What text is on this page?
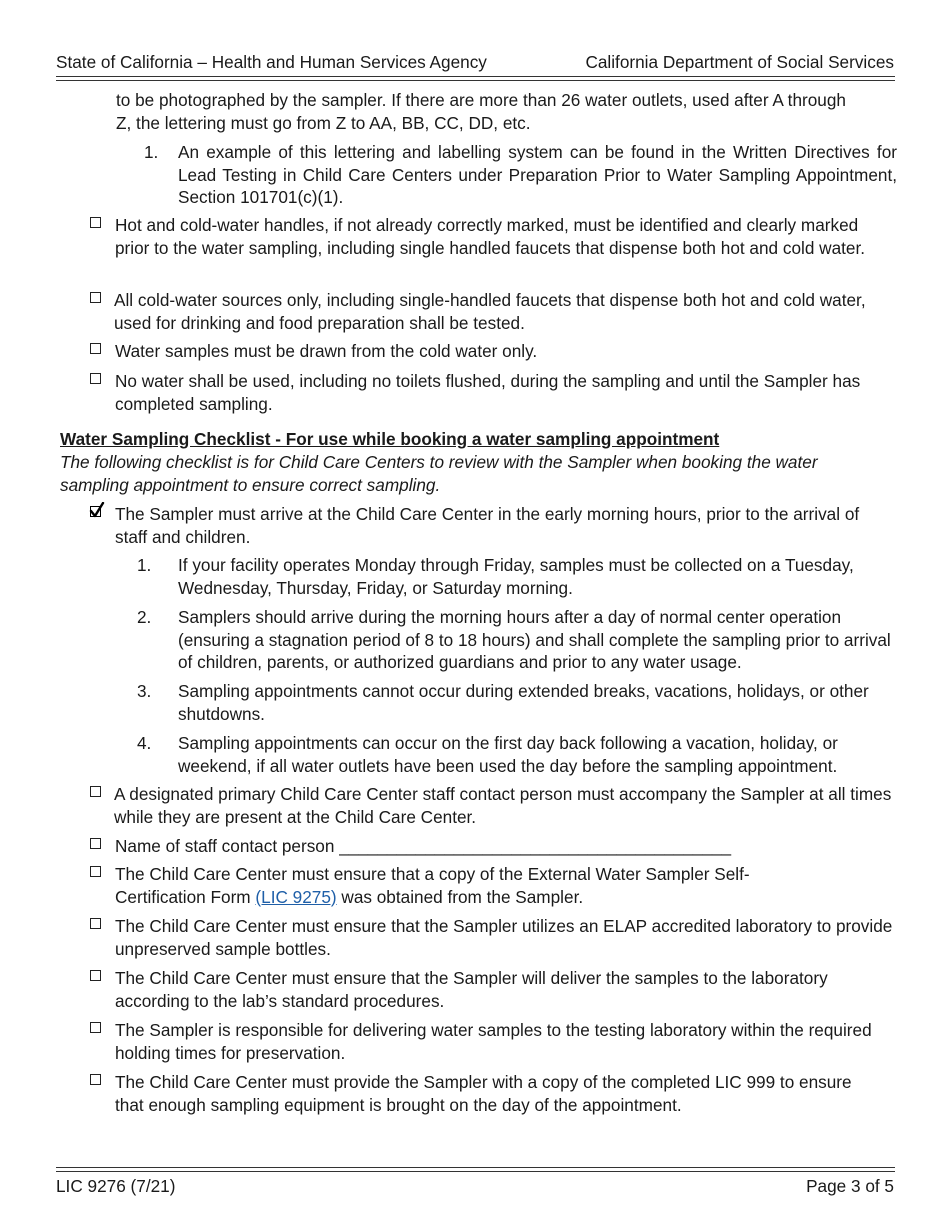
State of California – Health and Human Services Agency	California Department of Social Services
to be photographed by the sampler. If there are more than 26 water outlets, used after A through Z, the lettering must go from Z to AA, BB, CC, DD, etc.
1. An example of this lettering and labelling system can be found in the Written Directives for Lead Testing in Child Care Centers under Preparation Prior to Water Sampling Appointment, Section 101701(c)(1).
Hot and cold-water handles, if not already correctly marked, must be identified and clearly marked prior to the water sampling, including single handled faucets that dispense both hot and cold water.
All cold-water sources only, including single-handled faucets that dispense both hot and cold water, used for drinking and food preparation shall be tested.
Water samples must be drawn from the cold water only.
No water shall be used, including no toilets flushed, during the sampling and until the Sampler has completed sampling.
Water Sampling Checklist - For use while booking a water sampling appointment
The following checklist is for Child Care Centers to review with the Sampler when booking the water sampling appointment to ensure correct sampling.
The Sampler must arrive at the Child Care Center in the early morning hours, prior to the arrival of staff and children.
1. If your facility operates Monday through Friday, samples must be collected on a Tuesday, Wednesday, Thursday, Friday, or Saturday morning.
2. Samplers should arrive during the morning hours after a day of normal center operation (ensuring a stagnation period of 8 to 18 hours) and shall complete the sampling prior to arrival of children, parents, or authorized guardians and prior to any water usage.
3. Sampling appointments cannot occur during extended breaks, vacations, holidays, or other shutdowns.
4. Sampling appointments can occur on the first day back following a vacation, holiday, or weekend, if all water outlets have been used the day before the sampling appointment.
A designated primary Child Care Center staff contact person must accompany the Sampler at all times while they are present at the Child Care Center.
Name of staff contact person _________________________________________
The Child Care Center must ensure that a copy of the External Water Sampler Self-Certification Form (LIC 9275) was obtained from the Sampler.
The Child Care Center must ensure that the Sampler utilizes an ELAP accredited laboratory to provide unpreserved sample bottles.
The Child Care Center must ensure that the Sampler will deliver the samples to the laboratory according to the lab’s standard procedures.
The Sampler is responsible for delivering water samples to the testing laboratory within the required holding times for preservation.
The Child Care Center must provide the Sampler with a copy of the completed LIC 999 to ensure that enough sampling equipment is brought on the day of the appointment.
LIC 9276 (7/21)	Page 3 of 5
